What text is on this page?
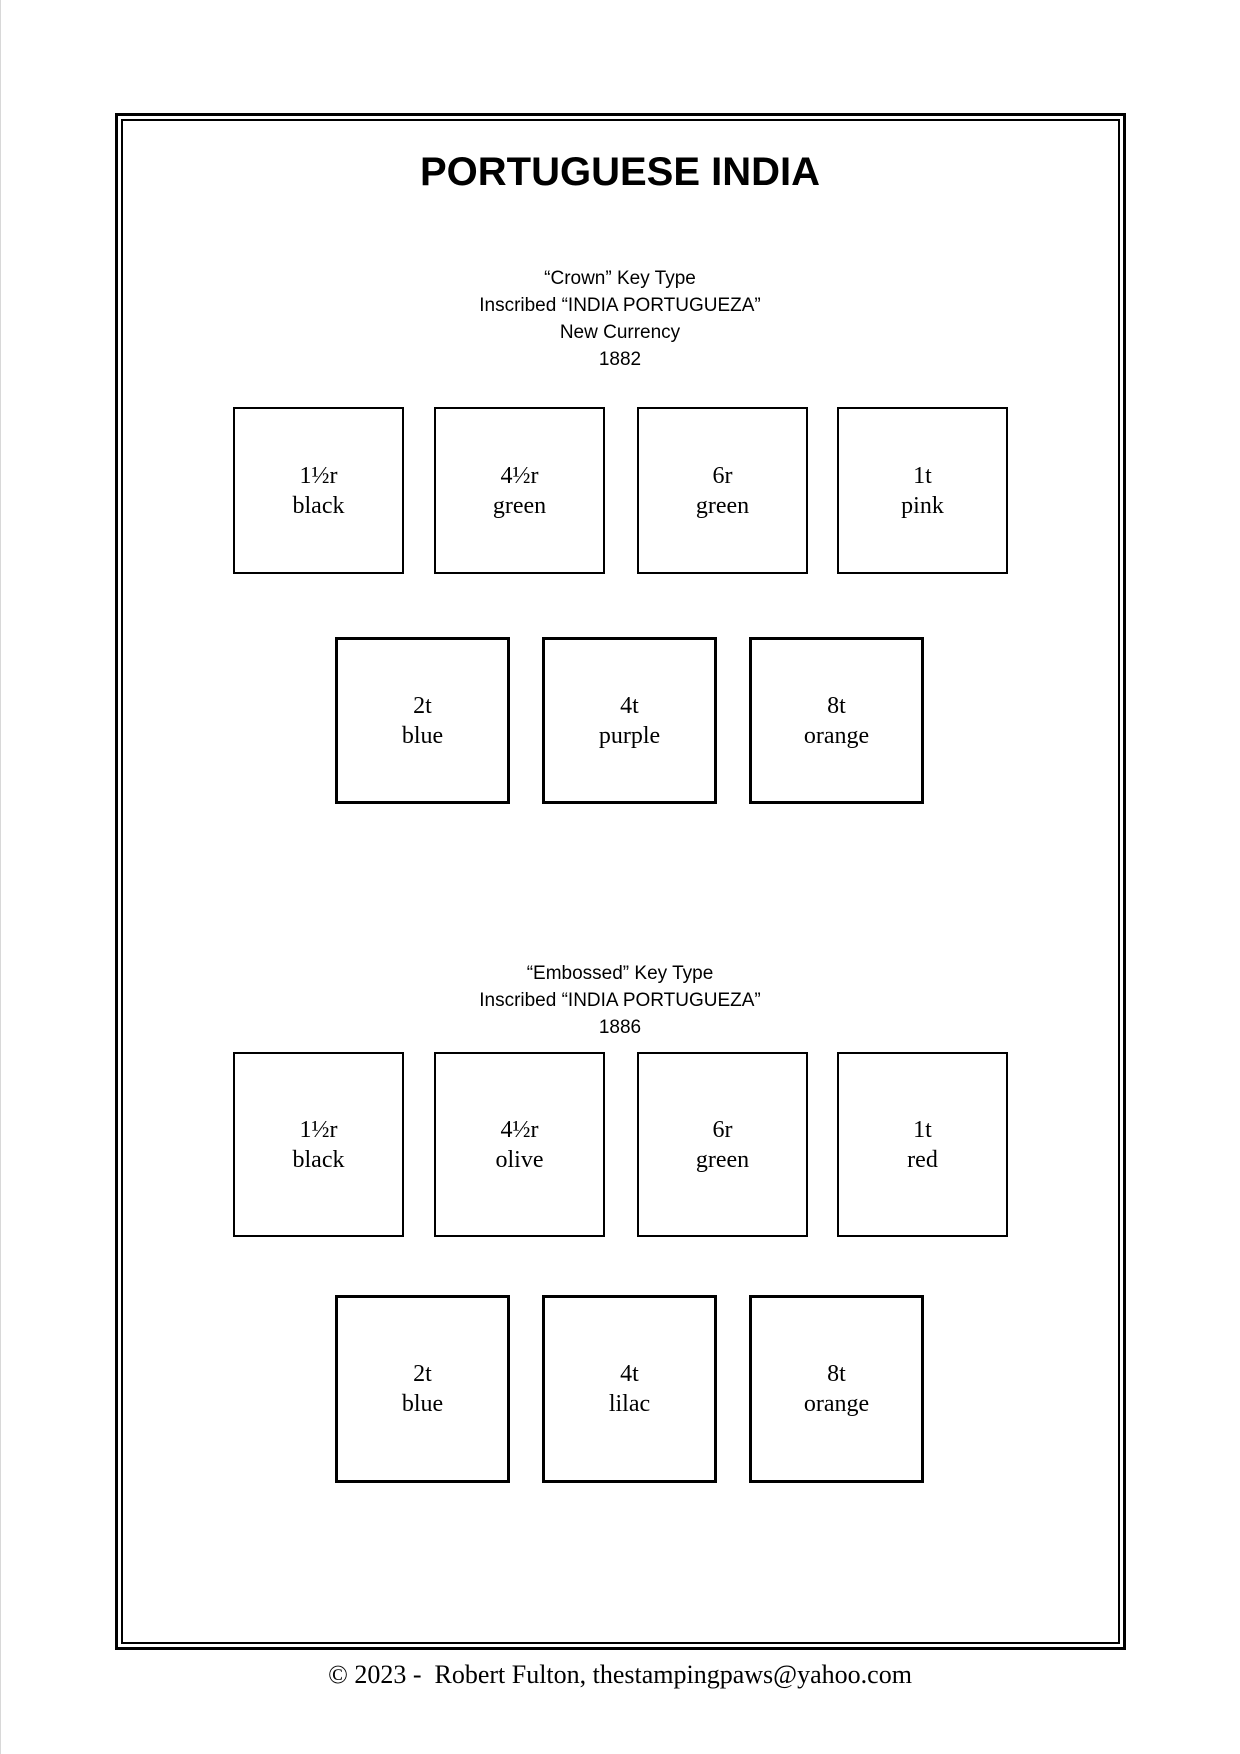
PORTUGUESE INDIA
“Crown” Key Type
Inscribed “INDIA PORTUGUEZA”
New Currency
1882
1½r
black
4½r
green
6r
green
1t
pink
2t
blue
4t
purple
8t
orange
“Embossed” Key Type
Inscribed “INDIA PORTUGUEZA”
1886
1½r
black
4½r
olive
6r
green
1t
red
2t
blue
4t
lilac
8t
orange
© 2023 -  Robert Fulton, thestampingpaws@yahoo.com
